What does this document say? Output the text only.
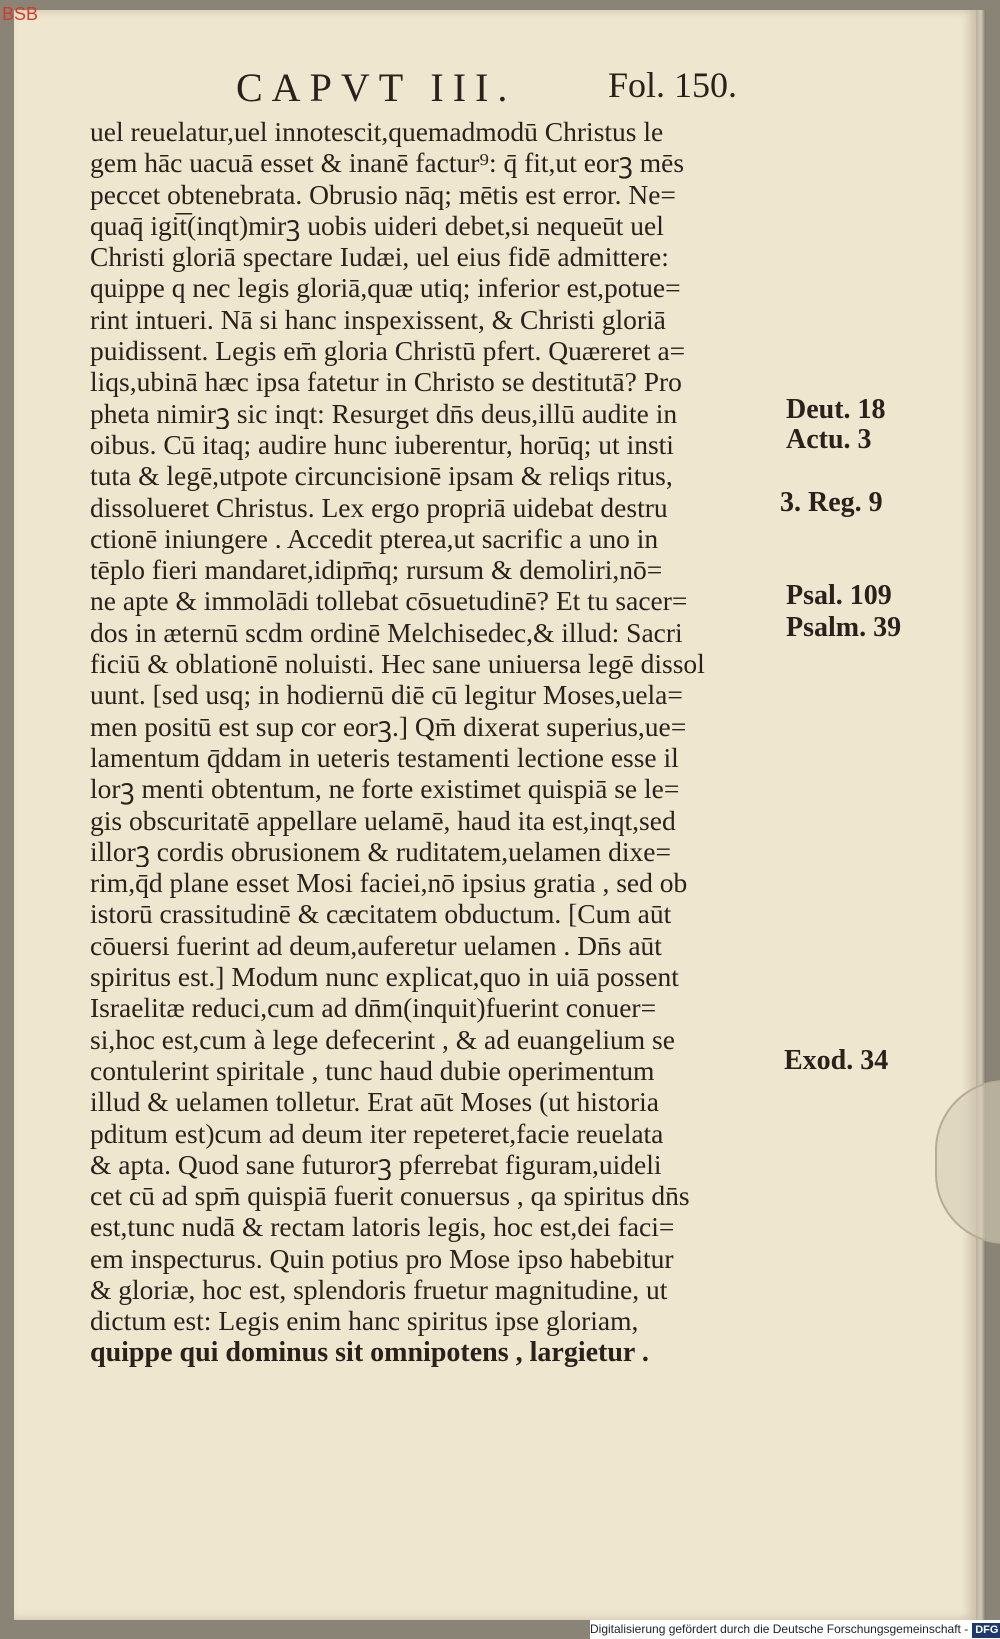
BSB
CAPVT III.	Fol. 150.
uel reuelatur,uel innotescit,quemadmodū Christus le
gem hāc uacuā esset & inanē factur⁹: q̄ fit,ut eorꝫ mēs
peccet obtenebrata. Obrusio nāq; mētis est error. Ne=
quaq̄ igi͞t(inqt)mirꝫ uobis uideri debet,si nequeūt uel
Christi gloriā spectare Iudæi, uel eius fidē admittere:
quippe q nec legis gloriā,quæ utiq; inferior est,potue=
rint intueri. Nā si hanc inspexissent, & Christi gloriā
puidissent. Legis em̄ gloria Christū pfert. Quæreret a=
liqs,ubinā hæc ipsa fatetur in Christo se destitutā? Pro
pheta nimirꝫ sic inqt: Resurget dn̄s deus,illū audite in
oibus. Cū itaq; audire hunc iuberentur, horūq; ut insti
tuta & legē,utpote circuncisionē ipsam & reliqs ritus,
dissolueret Christus. Lex ergo propriā uidebat destru
ctionē iniungere . Accedit pterea,ut sacrific a uno in
tēplo fieri mandaret,idipm̄q; rursum & demoliri,nō=
ne apte & immolādi tollebat cōsuetudinē? Et tu sacer=
dos in æternū scdm ordinē Melchisedec,& illud: Sacri
ficiū & oblationē noluisti. Hec sane uniuersa legē dissol
uunt. [sed usq; in hodiernū diē cū legitur Moses,uela=
men positū est sup cor eorꝫ.] Qm̄ dixerat superius,ue=
lamentum q̄ddam in ueteris testamenti lectione esse il
lorꝫ menti obtentum, ne forte existimet quispiā se le=
gis obscuritatē appellare uelamē, haud ita est,inqt,sed
illorꝫ cordis obrusionem & ruditatem,uelamen dixe=
rim,q̄d plane esset Mosi faciei,nō ipsius gratia , sed ob
istorū crassitudinē & cæcitatem obductum. [Cum aūt
cōuersi fuerint ad deum,auferetur uelamen . Dn̄s aūt
spiritus est.] Modum nunc explicat,quo in uiā possent
Israelitæ reduci,cum ad dn̄m(inquit)fuerint conuer=
si,hoc est,cum à lege defecerint , & ad euangelium se
contulerint spiritale , tunc haud dubie operimentum
illud & uelamen tolletur. Erat aūt Moses (ut historia
pditum est)cum ad deum iter repeteret,facie reuelata
& apta. Quod sane futurorꝫ pferrebat figuram,uideli
cet cū ad spm̄ quispiā fuerit conuersus , qa spiritus dn̄s
est,tunc nudā & rectam latoris legis, hoc est,dei faci=
em inspecturus. Quin potius pro Mose ipso habebitur
& gloriæ, hoc est, splendoris fruetur magnitudine, ut
dictum est: Legis enim hanc spiritus ipse gloriam,
quippe qui dominus sit omnipotens , largietur .
Deut. 18
Actu. 3
3. Reg. 9
Psal. 109
Psalm. 39
Exod. 34
Digitalisierung gefördert durch die Deutsche Forschungsgemeinschaft - DFG
